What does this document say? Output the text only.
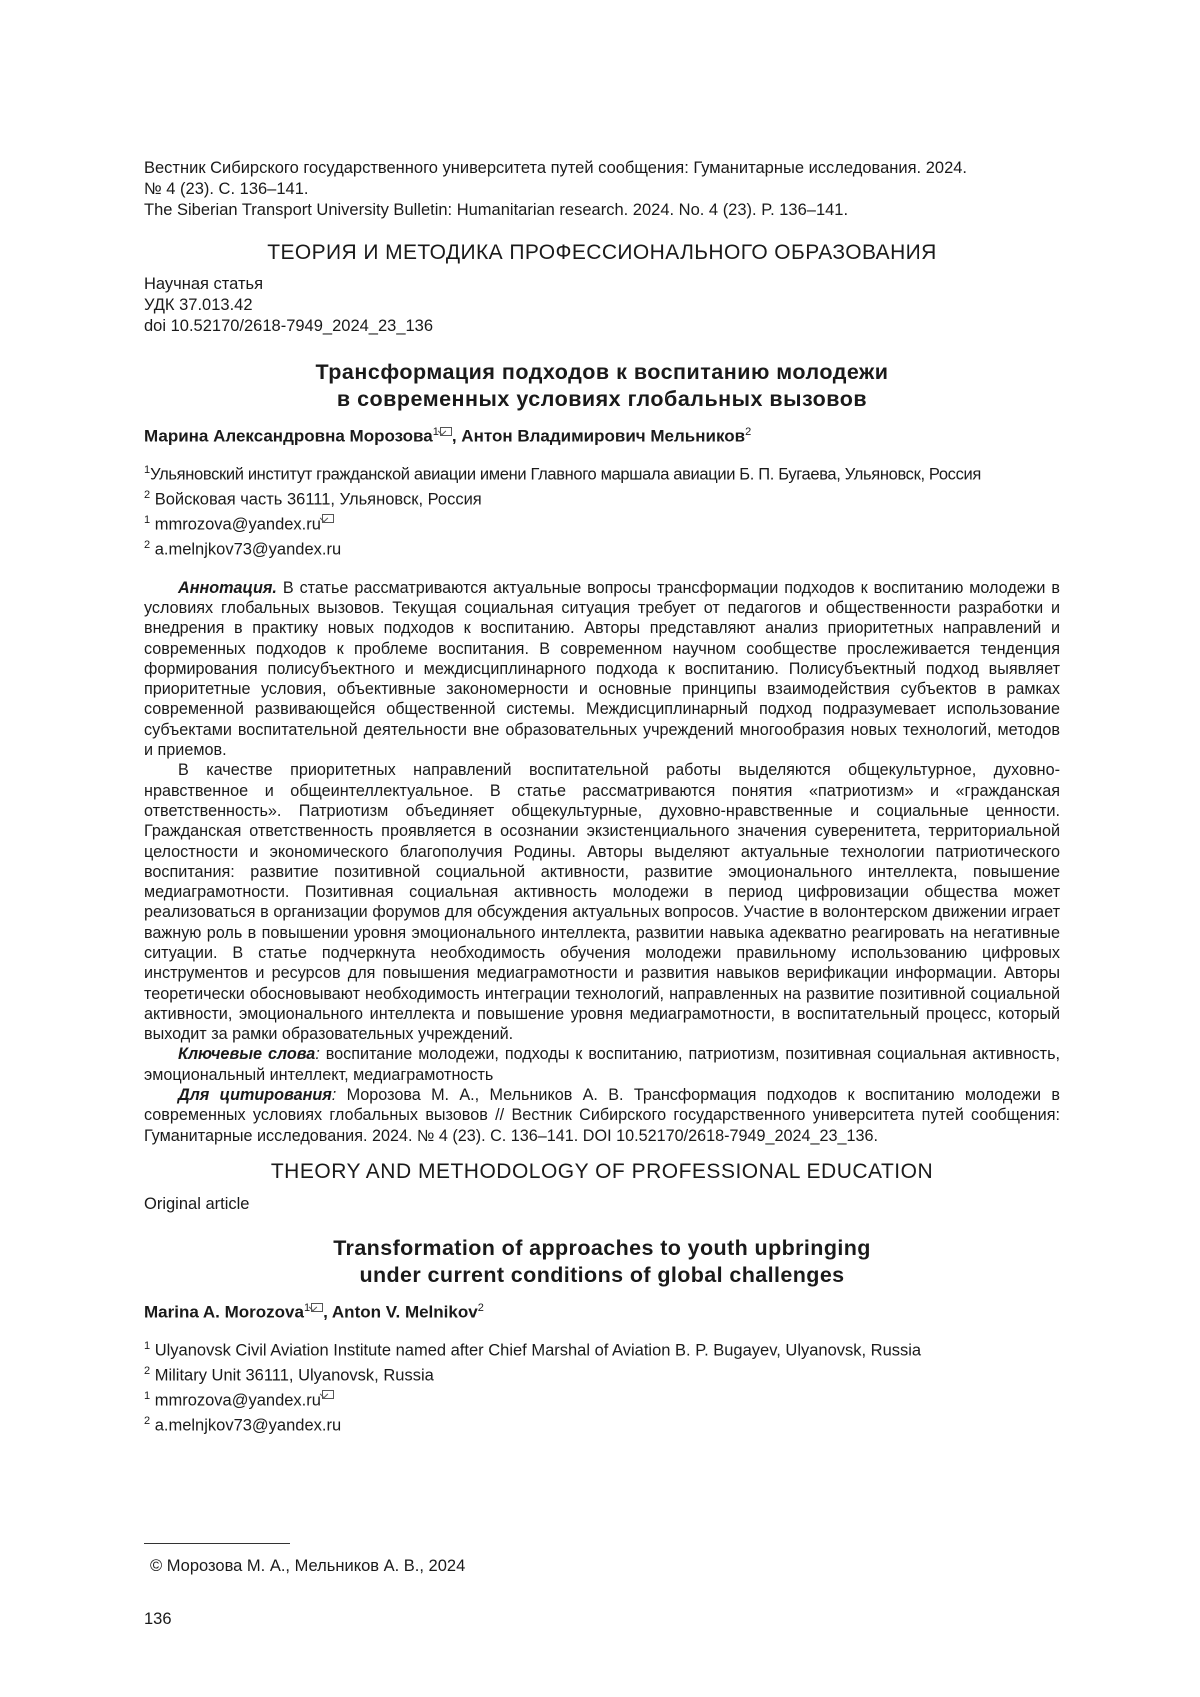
Вестник Сибирского государственного университета путей сообщения: Гуманитарные исследования. 2024.
№ 4 (23). С. 136–141.
The Siberian Transport University Bulletin: Humanitarian research. 2024. No. 4 (23). P. 136–141.
ТЕОРИЯ И МЕТОДИКА ПРОФЕССИОНАЛЬНОГО ОБРАЗОВАНИЯ
Научная статья
УДК 37.013.42
doi 10.52170/2618-7949_2024_23_136
Трансформация подходов к воспитанию молодежи
в современных условиях глобальных вызовов
Марина Александровна Морозова$^1$ , Антон Владимирович Мельников$^2$
$^1$Ульяновский институт гражданской авиации имени Главного маршала авиации Б. П. Бугаева, Ульяновск, Россия
$^2$ Войсковая часть 36111, Ульяновск, Россия
$^1$ mmrozova@yandex.ru
$^2$ a.melnjkov73@yandex.ru

Аннотация. В статье рассматриваются актуальные вопросы трансформации подходов к воспитанию молодежи в условиях глобальных вызовов. Текущая социальная ситуация требует от педагогов и общественности разработки и внедрения в практику новых подходов к воспитанию. Авторы представляют анализ приоритетных направлений и современных подходов к проблеме воспитания. В современном научном сообществе прослеживается тенденция формирования полисубъектного и междисциплинарного подхода к воспитанию. Полисубъектный подход выявляет приоритетные условия, объективные закономерности и основные принципы взаимодействия субъектов в рамках современной развивающейся общественной системы. Междисциплинарный подход подразумевает использование субъектами воспитательной деятельности вне образовательных учреждений многообразия новых технологий, методов и приемов.

В качестве приоритетных направлений воспитательной работы выделяются общекультурное, духовно-нравственное и общеинтеллектуальное. В статье рассматриваются понятия «патриотизм» и «гражданская ответственность». Патриотизм объединяет общекультурные, духовно-нравственные и социальные ценности. Гражданская ответственность проявляется в осознании экзистенциального значения суверенитета, территориальной целостности и экономического благополучия Родины. Авторы выделяют актуальные технологии патриотического воспитания: развитие позитивной социальной активности, развитие эмоционального интеллекта, повышение медиаграмотности. Позитивная социальная активность молодежи в период цифровизации общества может реализоваться в организации форумов для обсуждения актуальных вопросов. Участие в волонтерском движении играет важную роль в повышении уровня эмоционального интеллекта, развитии навыка адекватно реагировать на негативные ситуации. В статье подчеркнута необходимость обучения молодежи правильному использованию цифровых инструментов и ресурсов для повышения медиаграмотности и развития навыков верификации информации. Авторы теоретически обосновывают необходимость интеграции технологий, направленных на развитие позитивной социальной активности, эмоционального интеллекта и повышение уровня медиаграмотности, в воспитательный процесс, который выходит за рамки образовательных учреждений.

Ключевые слова: воспитание молодежи, подходы к воспитанию, патриотизм, позитивная социальная активность, эмоциональный интеллект, медиаграмотность

Для цитирования: Морозова М. А., Мельников А. В. Трансформация подходов к воспитанию молодежи в современных условиях глобальных вызовов // Вестник Сибирского государственного университета путей сообщения: Гуманитарные исследования. 2024. № 4 (23). С. 136–141. DOI 10.52170/2618-7949_2024_23_136.

THEORY AND METHODOLOGY OF PROFESSIONAL EDUCATION
Original article
Transformation of approaches to youth upbringing
under current conditions of global challenges
Marina A. Morozova$^1$ , Anton V. Melnikov$^2$
$^1$ Ulyanovsk Civil Aviation Institute named after Chief Marshal of Aviation B. P. Bugayev, Ulyanovsk, Russia
$^2$ Military Unit 36111, Ulyanovsk, Russia
$^1$ mmrozova@yandex.ru
$^2$ a.melnjkov73@yandex.ru
© Морозова М. А., Мельников А. В., 2024
136
